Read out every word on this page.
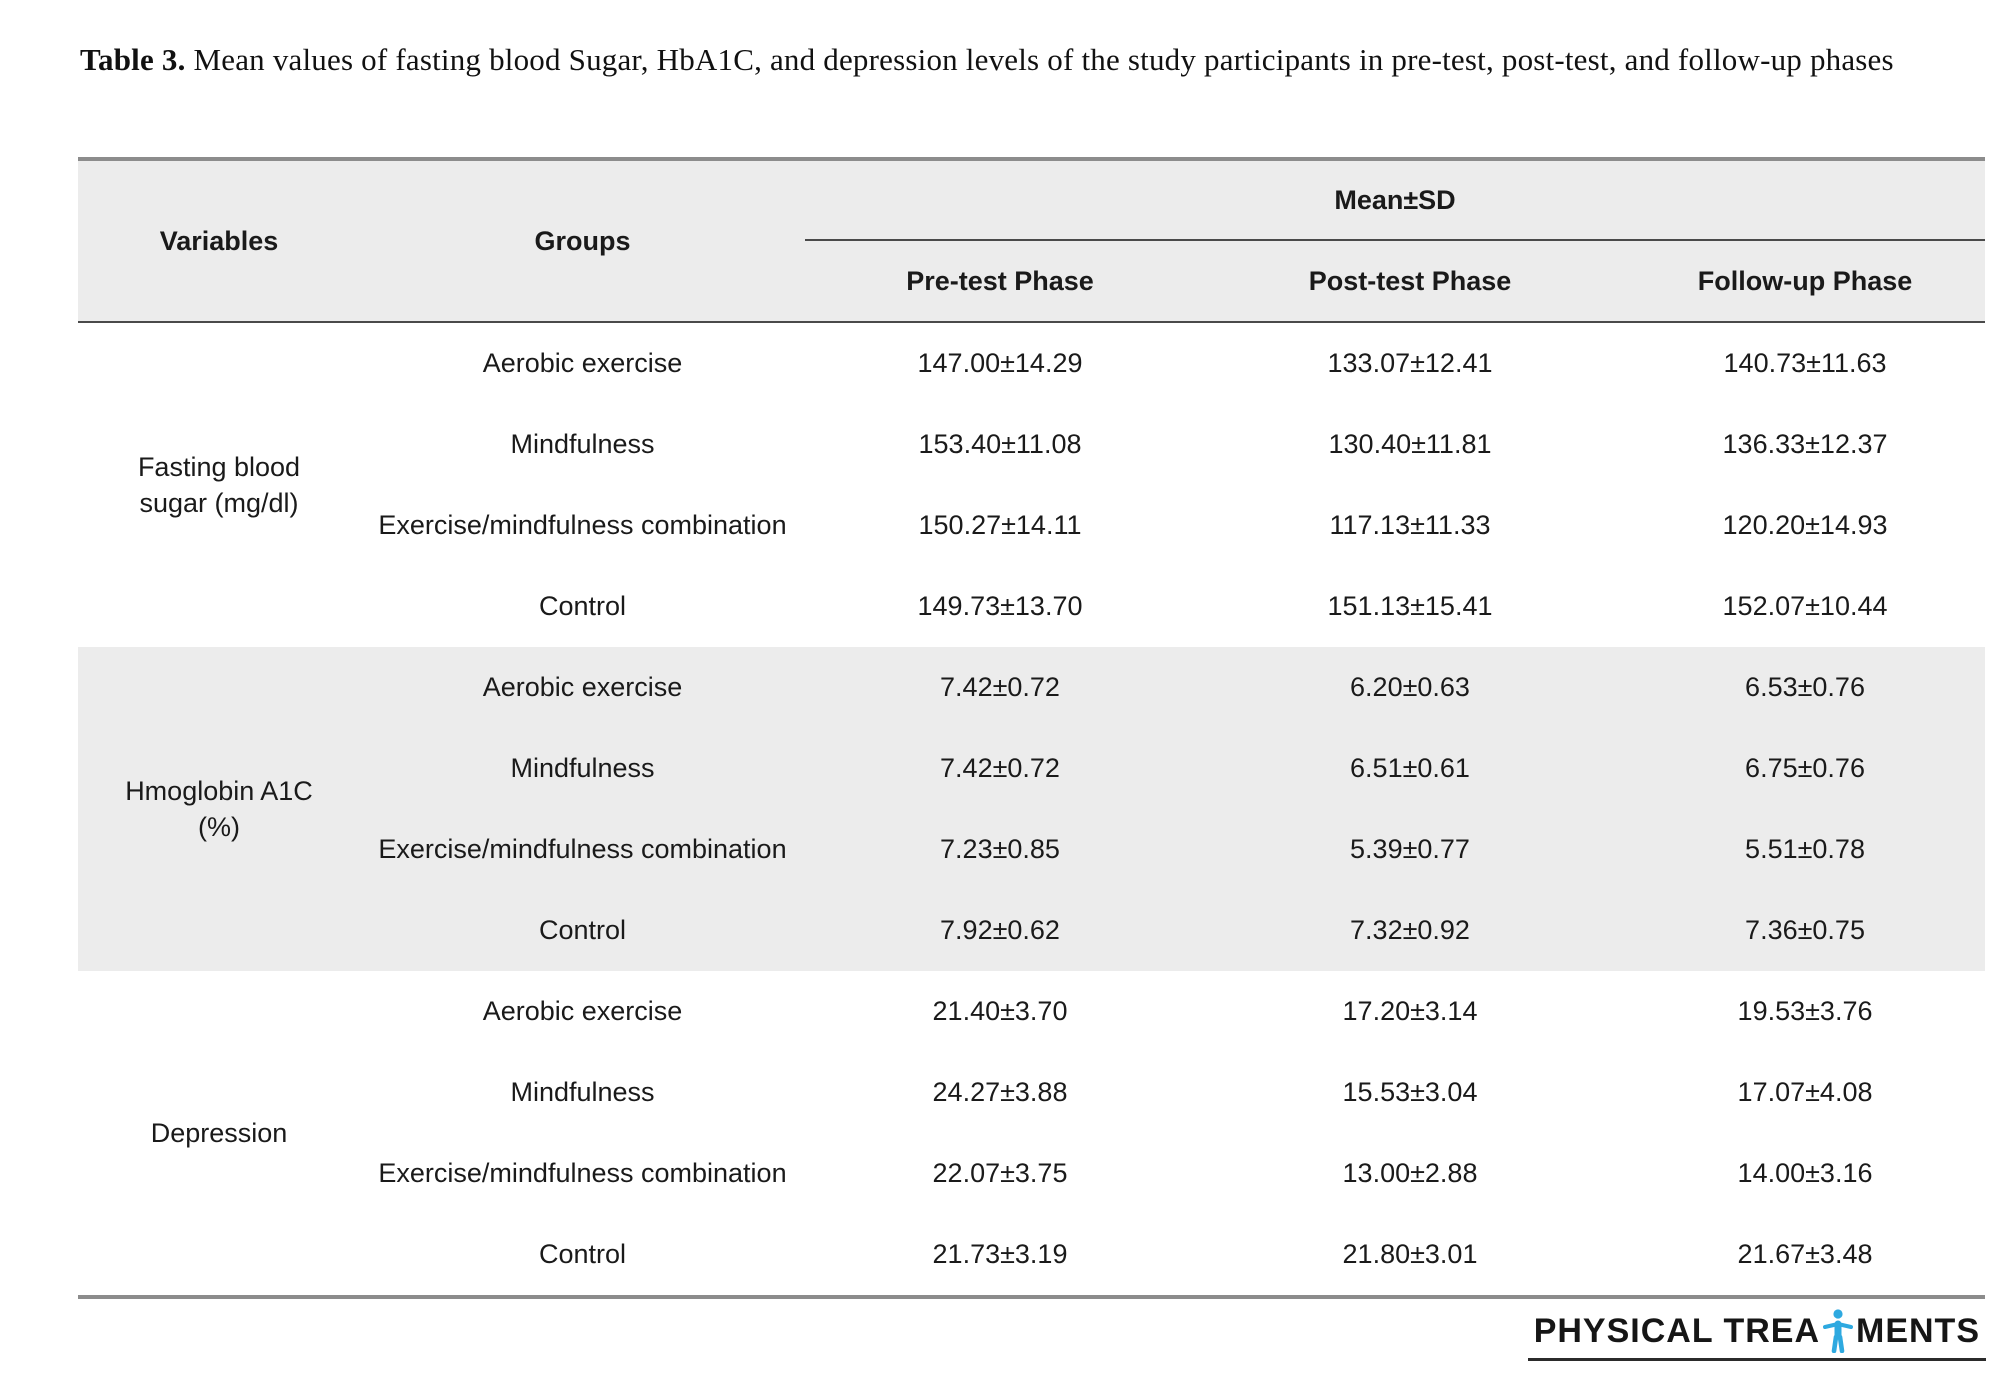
Table 3. Mean values of fasting blood Sugar, HbA1C, and depression levels of the study participants in pre-test, post-test, and follow-up phases

Variables	Groups	Mean±SD		
		Pre-test Phase	Post-test Phase	Follow-up Phase

Fasting blood
sugar (mg/dl)	Aerobic exercise	147.00±14.29	133.07±12.41	140.73±11.63
	Mindfulness	153.40±11.08	130.40±11.81	136.33±12.37
	Exercise/mindfulness combination	150.27±14.11	117.13±11.33	120.20±14.93
	Control	149.73±13.70	151.13±15.41	152.07±10.44

Hmoglobin A1C
(%)	Aerobic exercise	7.42±0.72	6.20±0.63	6.53±0.76
	Mindfulness	7.42±0.72	6.51±0.61	6.75±0.76
	Exercise/mindfulness combination	7.23±0.85	5.39±0.77	5.51±0.78
	Control	7.92±0.62	7.32±0.92	7.36±0.75

Depression	Aerobic exercise	21.40±3.70	17.20±3.14	19.53±3.76
	Mindfulness	24.27±3.88	15.53±3.04	17.07±4.08
	Exercise/mindfulness combination	22.07±3.75	13.00±2.88	14.00±3.16
	Control	21.73±3.19	21.80±3.01	21.67±3.48
PHYSICAL TREA MENTS
